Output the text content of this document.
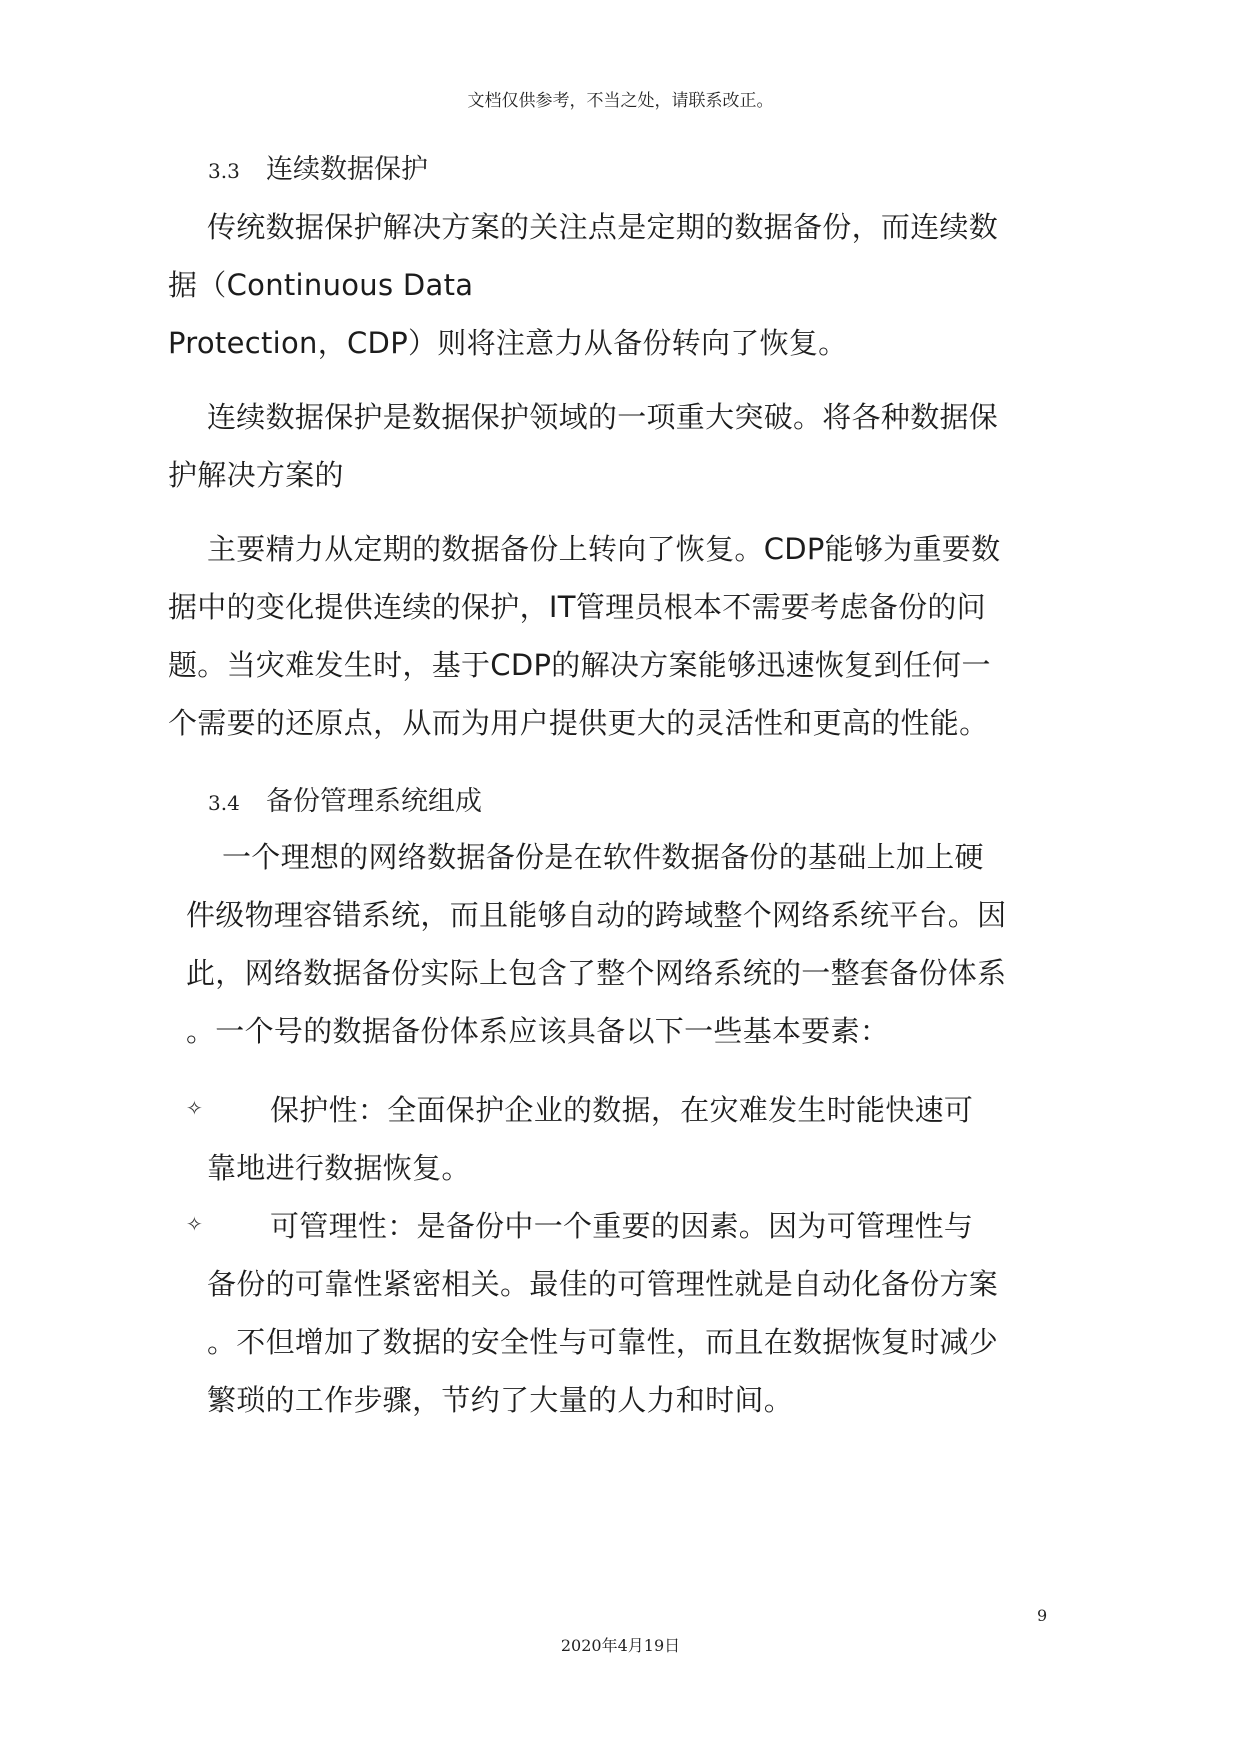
文档仅供参考，不当之处，请联系改正。
3.3 连续数据保护
传统数据保护解决方案的关注点是定期的数据备份，而连续数
据（Continuous Data
Protection，CDP）则将注意力从备份转向了恢复。
连续数据保护是数据保护领域的一项重大突破。将各种数据保
护解决方案的
主要精力从定期的数据备份上转向了恢复。CDP能够为重要数
据中的变化提供连续的保护，IT管理员根本不需要考虑备份的问
题。当灾难发生时，基于CDP的解决方案能够迅速恢复到任何一
个需要的还原点，从而为用户提供更大的灵活性和更高的性能。
3.4 备份管理系统组成
一个理想的网络数据备份是在软件数据备份的基础上加上硬
件级物理容错系统，而且能够自动的跨域整个网络系统平台。因
此，网络数据备份实际上包含了整个网络系统的一整套备份体系
。一个号的数据备份体系应该具备以下一些基本要素：
✧ 保护性：全面保护企业的数据，在灾难发生时能快速可
靠地进行数据恢复。
✧ 可管理性：是备份中一个重要的因素。因为可管理性与
备份的可靠性紧密相关。最佳的可管理性就是自动化备份方案
。不但增加了数据的安全性与可靠性，而且在数据恢复时减少
繁琐的工作步骤，节约了大量的人力和时间。
9
2020年4月19日
